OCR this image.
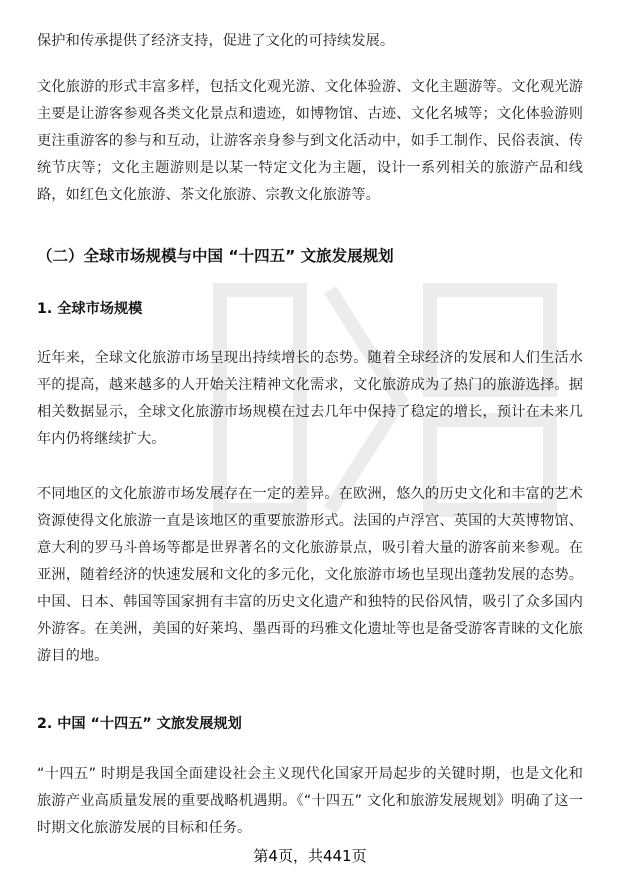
保护和传承提供了经济支持，促进了文化的可持续发展。

文化旅游的形式丰富多样，包括文化观光游、文化体验游、文化主题游等。文化观光游主要是让游客参观各类文化景点和遗迹，如博物馆、古迹、文化名城等；文化体验游则更注重游客的参与和互动，让游客亲身参与到文化活动中，如手工制作、民俗表演、传统节庆等；文化主题游则是以某一特定文化为主题，设计一系列相关的旅游产品和线路，如红色文化旅游、茶文化旅游、宗教文化旅游等。

（二）全球市场规模与中国 “十四五” 文旅发展规划
1. 全球市场规模

近年来，全球文化旅游市场呈现出持续增长的态势。随着全球经济的发展和人们生活水平的提高，越来越多的人开始关注精神文化需求，文化旅游成为了热门的旅游选择。据相关数据显示，全球文化旅游市场规模在过去几年中保持了稳定的增长，预计在未来几年内仍将继续扩大。

不同地区的文化旅游市场发展存在一定的差异。在欧洲，悠久的历史文化和丰富的艺术资源使得文化旅游一直是该地区的重要旅游形式。法国的卢浮宫、英国的大英博物馆、意大利的罗马斗兽场等都是世界著名的文化旅游景点，吸引着大量的游客前来参观。在亚洲，随着经济的快速发展和文化的多元化，文化旅游市场也呈现出蓬勃发展的态势。中国、日本、韩国等国家拥有丰富的历史文化遗产和独特的民俗风情，吸引了众多国内外游客。在美洲，美国的好莱坞、墨西哥的玛雅文化遗址等也是备受游客青睐的文化旅游目的地。

2. 中国 “十四五” 文旅发展规划

“十四五” 时期是我国全面建设社会主义现代化国家开局起步的关键时期，也是文化和旅游产业高质量发展的重要战略机遇期。《“十四五” 文化和旅游发展规划》明确了这一时期文化旅游发展的目标和任务。

第4页，共441页
